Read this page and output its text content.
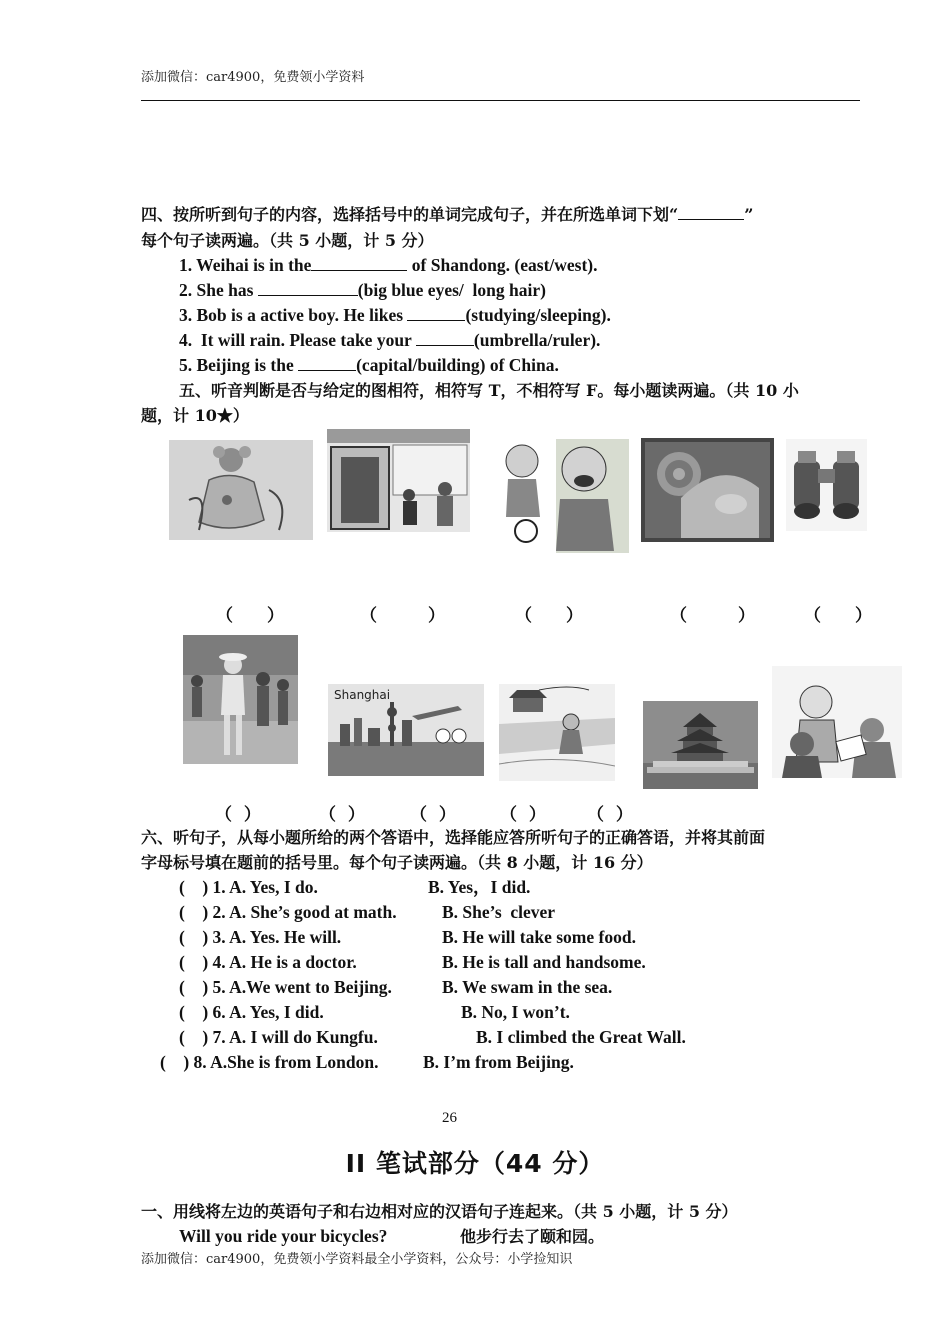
添加微信：car4900，免费领小学资料
四、按所听到句子的内容，选择括号中的单词完成句子，并在所选单词下划“	”
每个句子读两遍。（共 5 小题，计 5 分）
1. Weihai is in the	of Shandong. (east/west).
2. She has	(big blue eyes/  long hair)
3. Bob is a active boy. He likes	(studying/sleeping).
4.  It will rain. Please take your	(umbrella/ruler).
5. Beijing is the	(capital/building) of China.
五、听音判断是否与给定的图相符，相符写 T，不相符写 F。每小题读两遍。（共 10 小
题，计 10★）
（　　）	（　　　）	（　　）	（　　　）	（　　）
Shanghai
（  ）	（  ）	（  ）	（  ） （  ）
六、听句子，从每小题所给的两个答语中，选择能应答所听句子的正确答语，并将其前面
字母标号填在题前的括号里。每个句子读两遍。（共 8 小题，计 16 分）
(    ) 1. A. Yes, I do.	B. Yes，I did.
(    ) 2. A. She’s good at math.	B. She’s  clever
(    ) 3. A. Yes. He will.	B. He will take some food.
(    ) 4. A. He is a doctor.	B. He is tall and handsome.
(    ) 5. A.We went to Beijing.	B. We swam in the sea.
(    ) 6. A. Yes, I did.	B. No, I won’t.
(    ) 7. A. I will do Kungfu.	B. I climbed the Great Wall.
(    ) 8. A.She is from London.	B. I’m from Beijing.
26
II 笔试部分（44 分）
一、用线将左边的英语句子和右边相对应的汉语句子连起来。（共 5 小题，计 5 分）
Will you ride your bicycles?	他步行去了颐和园。
添加微信：car4900，免费领小学资料最全小学资料，公众号：小学捡知识
